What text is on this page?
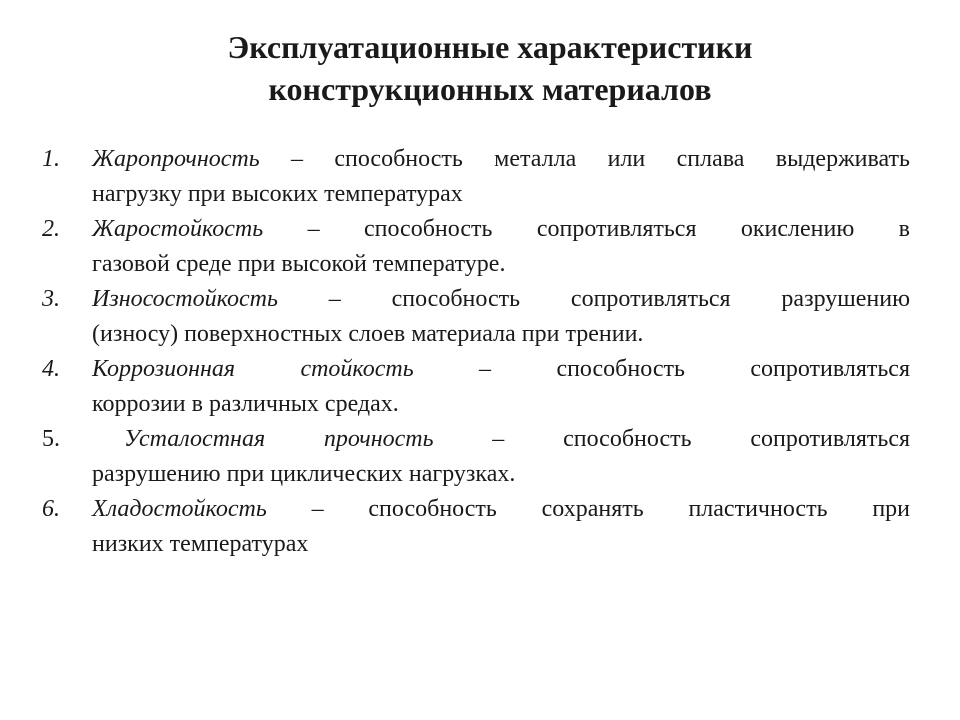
Эксплуатационные характеристики
конструкционных материалов
1. Жаропрочность – способность металла или сплава выдерживать
нагрузку при высоких температурах
2. Жаростойкость – способность сопротивляться окислению в
газовой среде при высокой температуре.
3. Износостойкость – способность сопротивляться разрушению
(износу) поверхностных слоев материала при трении.
4. Коррозионная стойкость – способность сопротивляться
коррозии в различных средах.
5.	Усталостная прочность – способность сопротивляться
разрушению при циклических нагрузках.
6. Хладостойкость – способность сохранять пластичность при
низких температурах
